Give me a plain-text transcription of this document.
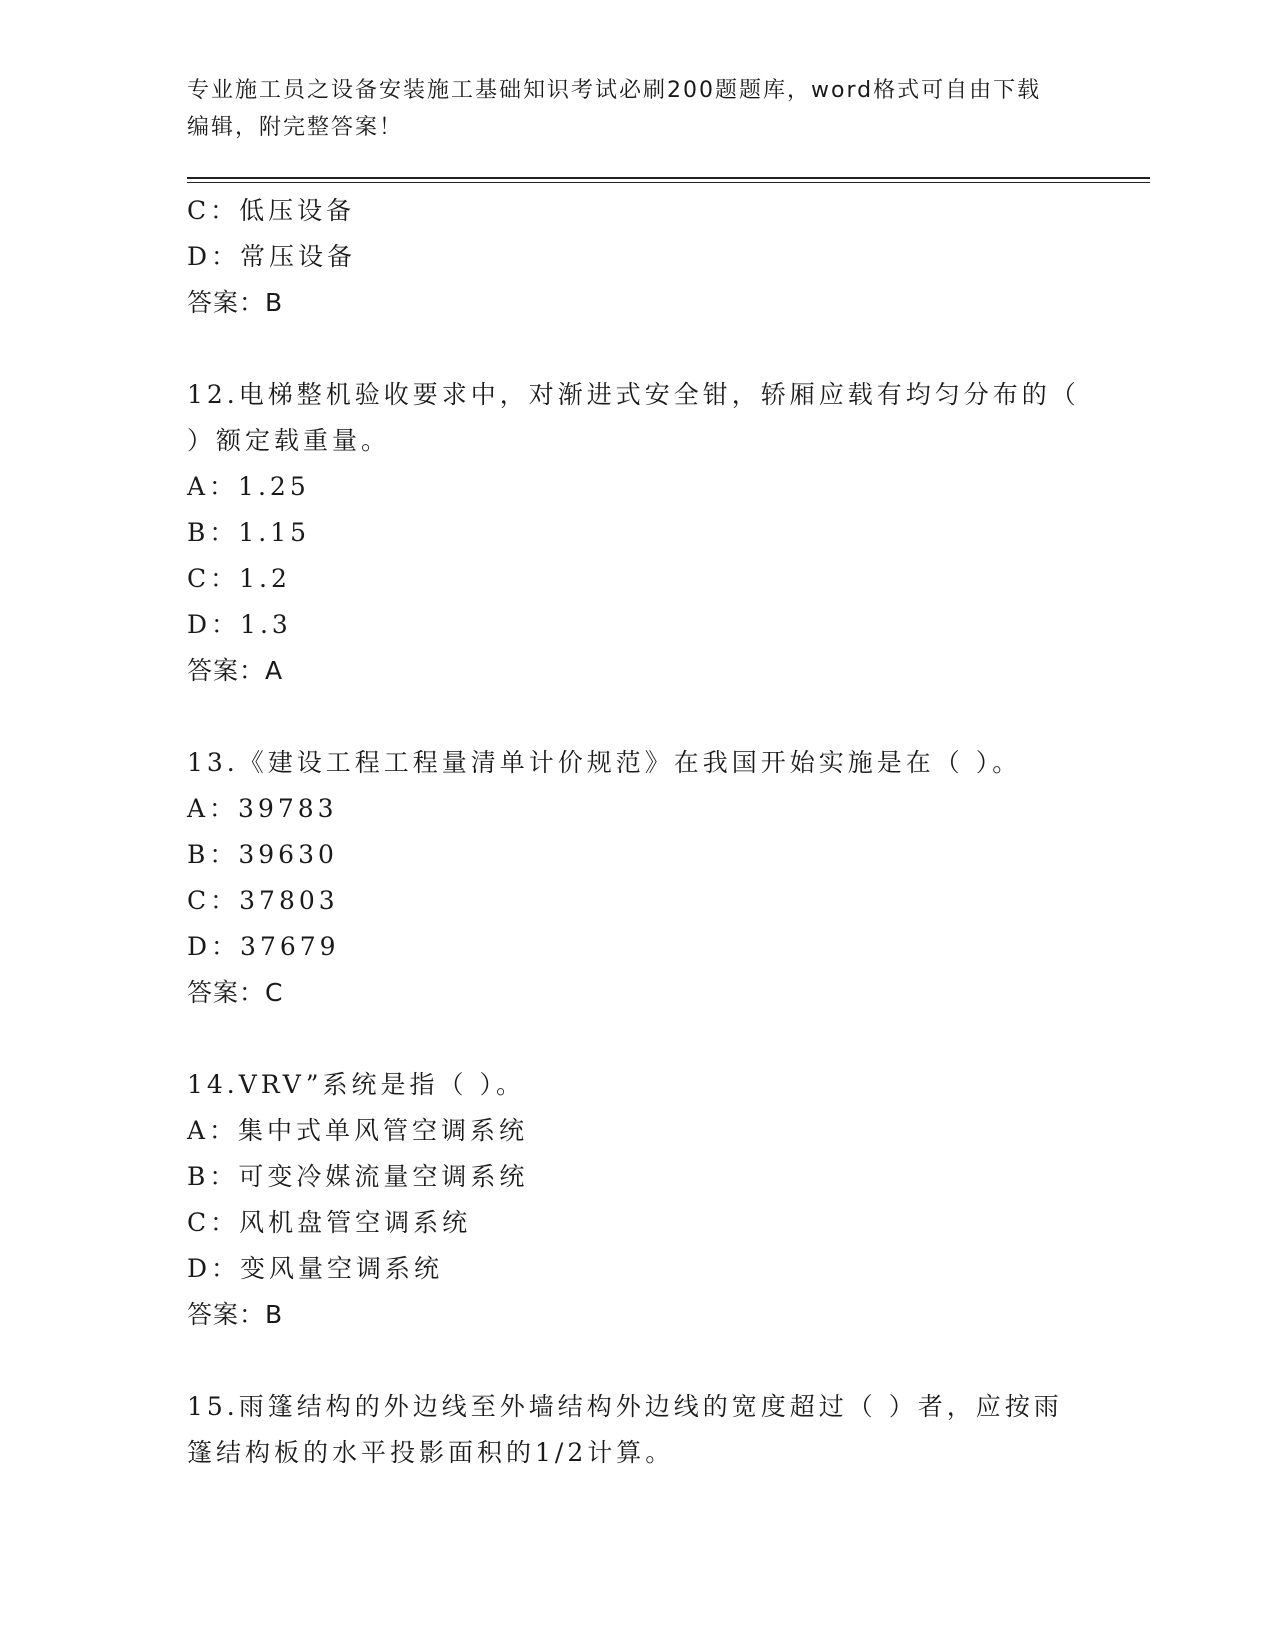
专业施工员之设备安装施工基础知识考试必刷200题题库，word格式可自由下载
编辑，附完整答案！
C：低压设备
D：常压设备
答案：B
12.电梯整机验收要求中，对渐进式安全钳，轿厢应载有均匀分布的（
）额定载重量。
A：1.25
B：1.15
C：1.2
D：1.3
答案：A
13.《建设工程工程量清单计价规范》在我国开始实施是在（ ）。
A：39783
B：39630
C：37803
D：37679
答案：C
14.VRV”系统是指（ ）。
A：集中式单风管空调系统
B：可变冷媒流量空调系统
C：风机盘管空调系统
D：变风量空调系统
答案：B
15.雨篷结构的外边线至外墙结构外边线的宽度超过（ ）者，应按雨
篷结构板的水平投影面积的1/2计算。
